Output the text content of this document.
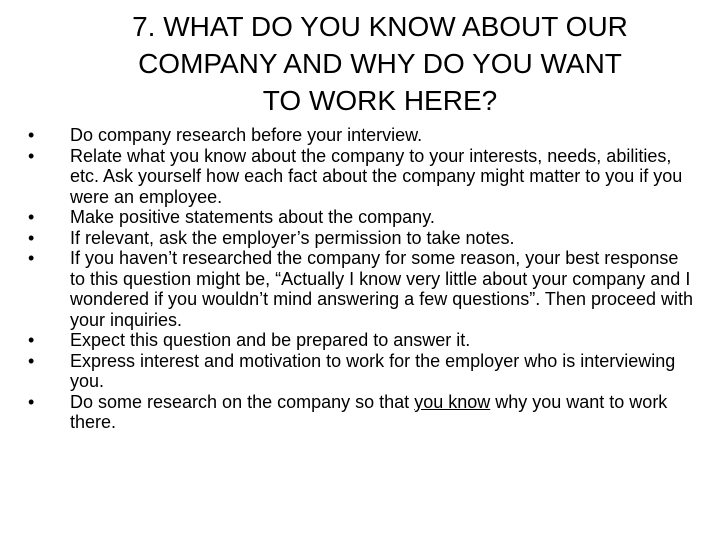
7. WHAT DO YOU KNOW ABOUT OUR
COMPANY AND WHY DO YOU WANT
TO WORK HERE?
•	Do company research before your interview.
•	Relate what you know about the company to your interests, needs, abilities, etc. Ask yourself how each fact about the company might matter to you if you were an employee.
•	Make positive statements about the company.
•	If relevant, ask the employer’s permission to take notes.
•	If you haven’t researched the company for some reason, your best response to this question might be, “Actually I know very little about your company and I wondered if you wouldn’t mind answering a few questions”. Then proceed with your inquiries.
•	Expect this question and be prepared to answer it.
•	Express interest and motivation to work for the employer who is interviewing you.
•	Do some research on the company so that you know why you want to work there.
